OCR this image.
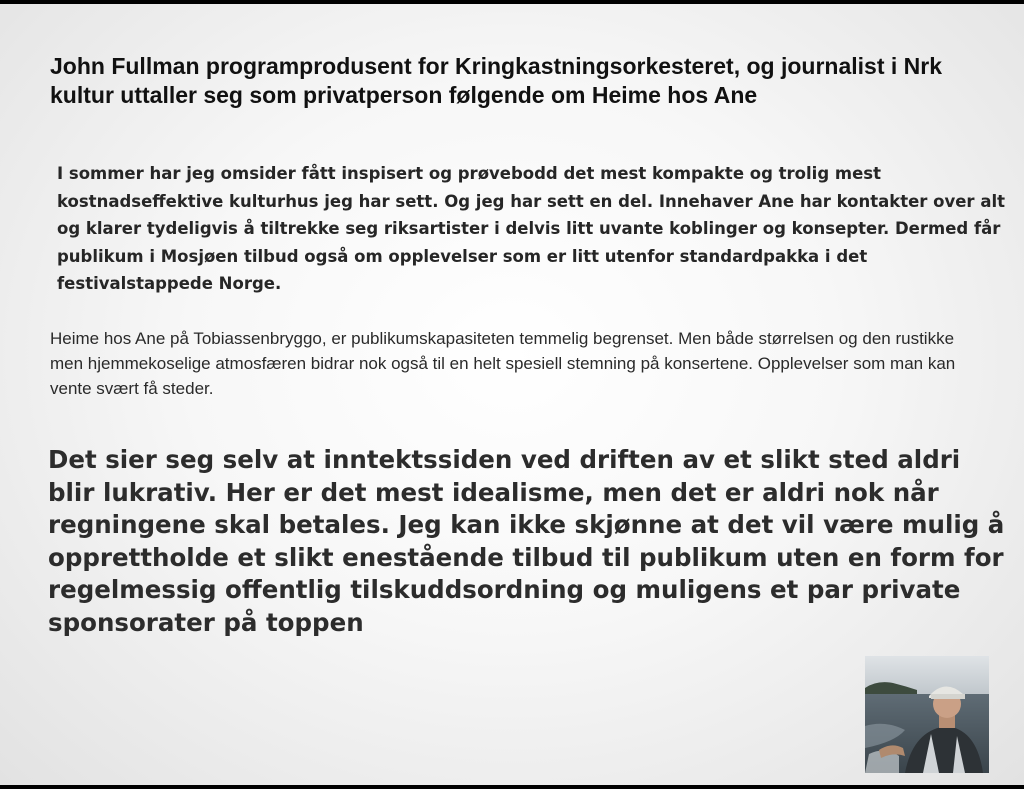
John Fullman programprodusent for Kringkastningsorkesteret, og journalist i Nrk kultur uttaller seg som privatperson følgende om Heime hos Ane

I sommer har jeg omsider fått inspisert og prøvebodd det mest kompakte og trolig mest kostnadseffektive kulturhus jeg har sett. Og jeg har sett en del. Innehaver Ane har kontakter over alt og klarer tydeligvis å tiltrekke seg riksartister i delvis litt uvante koblinger og konsepter. Dermed får publikum i Mosjøen tilbud også om opplevelser som er litt utenfor standardpakka i det festivalstappede Norge.

Heime hos Ane på Tobiassenbryggo, er publikumskapasiteten temmelig begrenset. Men både størrelsen og den rustikke men hjemmekoselige atmosfæren bidrar nok også til en helt spesiell stemning på konsertene. Opplevelser som man kan vente svært få steder.

Det sier seg selv at inntektssiden ved driften av et slikt sted aldri blir lukrativ. Her er det mest idealisme, men det er aldri nok når regningene skal betales. Jeg kan ikke skjønne at det vil være mulig å opprettholde et slikt enestående tilbud til publikum uten en form for regelmessig offentlig tilskuddsordning og muligens et par private sponsorater på toppen
